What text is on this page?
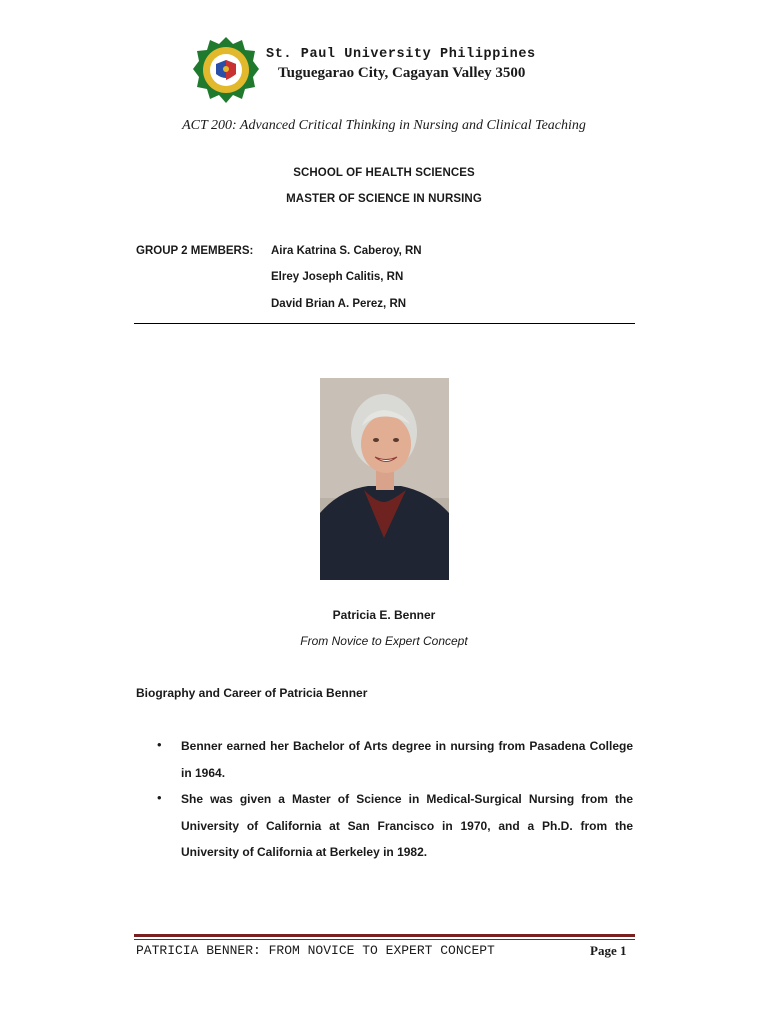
St. Paul University Philippines
Tuguegarao City, Cagayan Valley 3500
ACT 200: Advanced Critical Thinking in Nursing and Clinical Teaching
SCHOOL OF HEALTH SCIENCES
MASTER OF SCIENCE IN NURSING
GROUP 2 MEMBERS: Aira Katrina S. Caberoy, RN
Elrey Joseph Calitis, RN
David Brian A. Perez, RN
Patricia E. Benner
From Novice to Expert Concept
Biography and Career of Patricia Benner
• Benner earned her Bachelor of Arts degree in nursing from Pasadena College in 1964.
• She was given a Master of Science in Medical-Surgical Nursing from the University of California at San Francisco in 1970, and a Ph.D. from the University of California at Berkeley in 1982.
PATRICIA BENNER: FROM NOVICE TO EXPERT CONCEPT	Page 1
